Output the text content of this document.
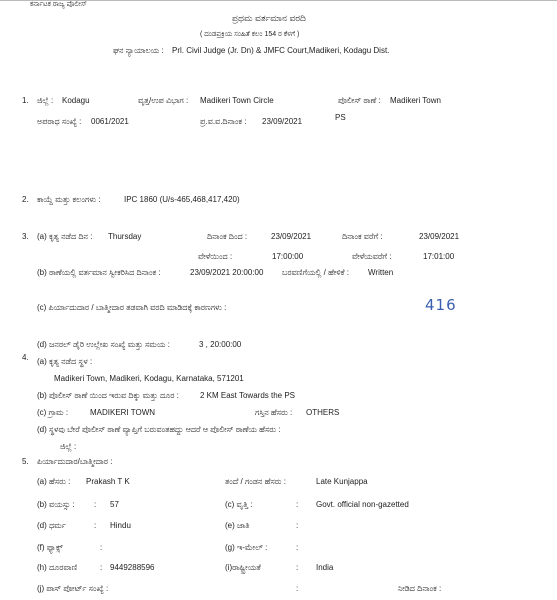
ಕರ್ನಾಟಕ ರಾಜ್ಯ ಪೊಲೀಸ್
ಪ್ರಥಮ ವರ್ತಮಾನ ವರದಿ
( ದಂಡಪ್ರಕ್ರಿಯ ಸಂಹಿತೆ ಕಲಂ 154 ರ ಕೆಳಗೆ )
ಘನ ನ್ಯಾಯಾಲಯ : Prl. Civil Judge (Jr. Dn) & JMFC Court,Madikeri, Kodagu Dist.
1. ಜಿಲ್ಲೆ : Kodagu	ವೃತ್ತ/ಉಪ ವಿಭಾಗ : Madikeri Town Circle	ಪೊಲೀಸ್ ಠಾಣೆ : Madikeri Town
PS
ಅಪರಾಧ ಸಂಖ್ಯೆ : 0061/2021	ಪ್ರ.ವ.ವ.ದಿನಾಂಕ : 23/09/2021
2. ಕಾಯ್ದೆ ಮತ್ತು ಕಲಂಗಳು :	IPC 1860 (U/s-465,468,417,420)
3. (a) ಕೃತ್ಯ ನಡೆದ ದಿನ : Thursday	ದಿನಾಂಕ ದಿಂದ :	23/09/2021	ದಿನಾಂಕ ವರೆಗೆ :	23/09/2021
ವೇಳೆಯಿಂದ :	17:00:00	ವೇಳೆಯವರೆಗೆ :	17:01:00
(b) ಠಾಣೆಯಲ್ಲಿ ವರ್ತಮಾನ ಸ್ವೀಕರಿಸಿದ ದಿನಾಂಕ :	23/09/2021 20:00:00 ಬರವಣಿಗೆಯಲ್ಲಿ / ಹೇಳಿಕೆ : Written
(c) ಪಿರ್ಯಾದುದಾರ / ಬಾತ್ಮೀದಾರ ತಡವಾಗಿ ವರದಿ ಮಾಡಿದಕ್ಕೆ ಕಾರಣಗಳು :	416
(d) ಜನರಲ್ ಡೈರಿ ಉಲ್ಲೇಖ ಸಂಖ್ಯೆ ಮತ್ತು ಸಮಯ :	3 , 20:00:00
4. (a) ಕೃತ್ಯ ನಡೆದ ಸ್ಥಳ :
Madikeri Town, Madikeri, Kodagu, Karnataka, 571201
(b) ಪೊಲೀಸ್ ಠಾಣೆ ಯಿಂದ ಇರುವ ದಿಕ್ಕು ಮತ್ತು ದೂರ :	2 KM East Towards the PS
(c) ಗ್ರಾಮ :	MADIKERI TOWN	ಗಸ್ತಿನ ಹೆಸರು : OTHERS
(d) ಸ್ಥಳವು ಬೇರೆ ಪೊಲೀಸ್ ಠಾಣೆ ವ್ಯಾಪ್ತಿಗೆ ಬರುವಂತಹದ್ದು ಆದರೆ ಆ ಪೊಲೀಸ್ ಠಾಣೆಯ ಹೆಸರು :
ಜಿಲ್ಲೆ :
5. ಪಿರ್ಯಾದುದಾರ/ಬಾತ್ಮೀದಾರ :
(a) ಹೆಸರು : Prakash T K	ತಂದೆ / ಗಂಡನ ಹೆಸರು :	Late Kunjappa
(b) ವಯಸ್ಸು : : 57	(c) ವೃತ್ತಿ :	: Govt. official non-gazetted
(d) ಧರ್ಮ	: Hindu	(e) ಜಾತಿ	:
(f) ಫ್ಯಾಕ್ಸ್	:	(g) ಇ-ಮೇಲ್ :	:
(h) ದೂರವಾಣಿ	: 9449288596	(i)ರಾಷ್ಟ್ರೀಯತೆ	: India
(j) ಪಾಸ್ ಪೋರ್ಟ್ ಸಂಖ್ಯೆ :	:	ನೀಡಿದ ದಿನಾಂಕ :
